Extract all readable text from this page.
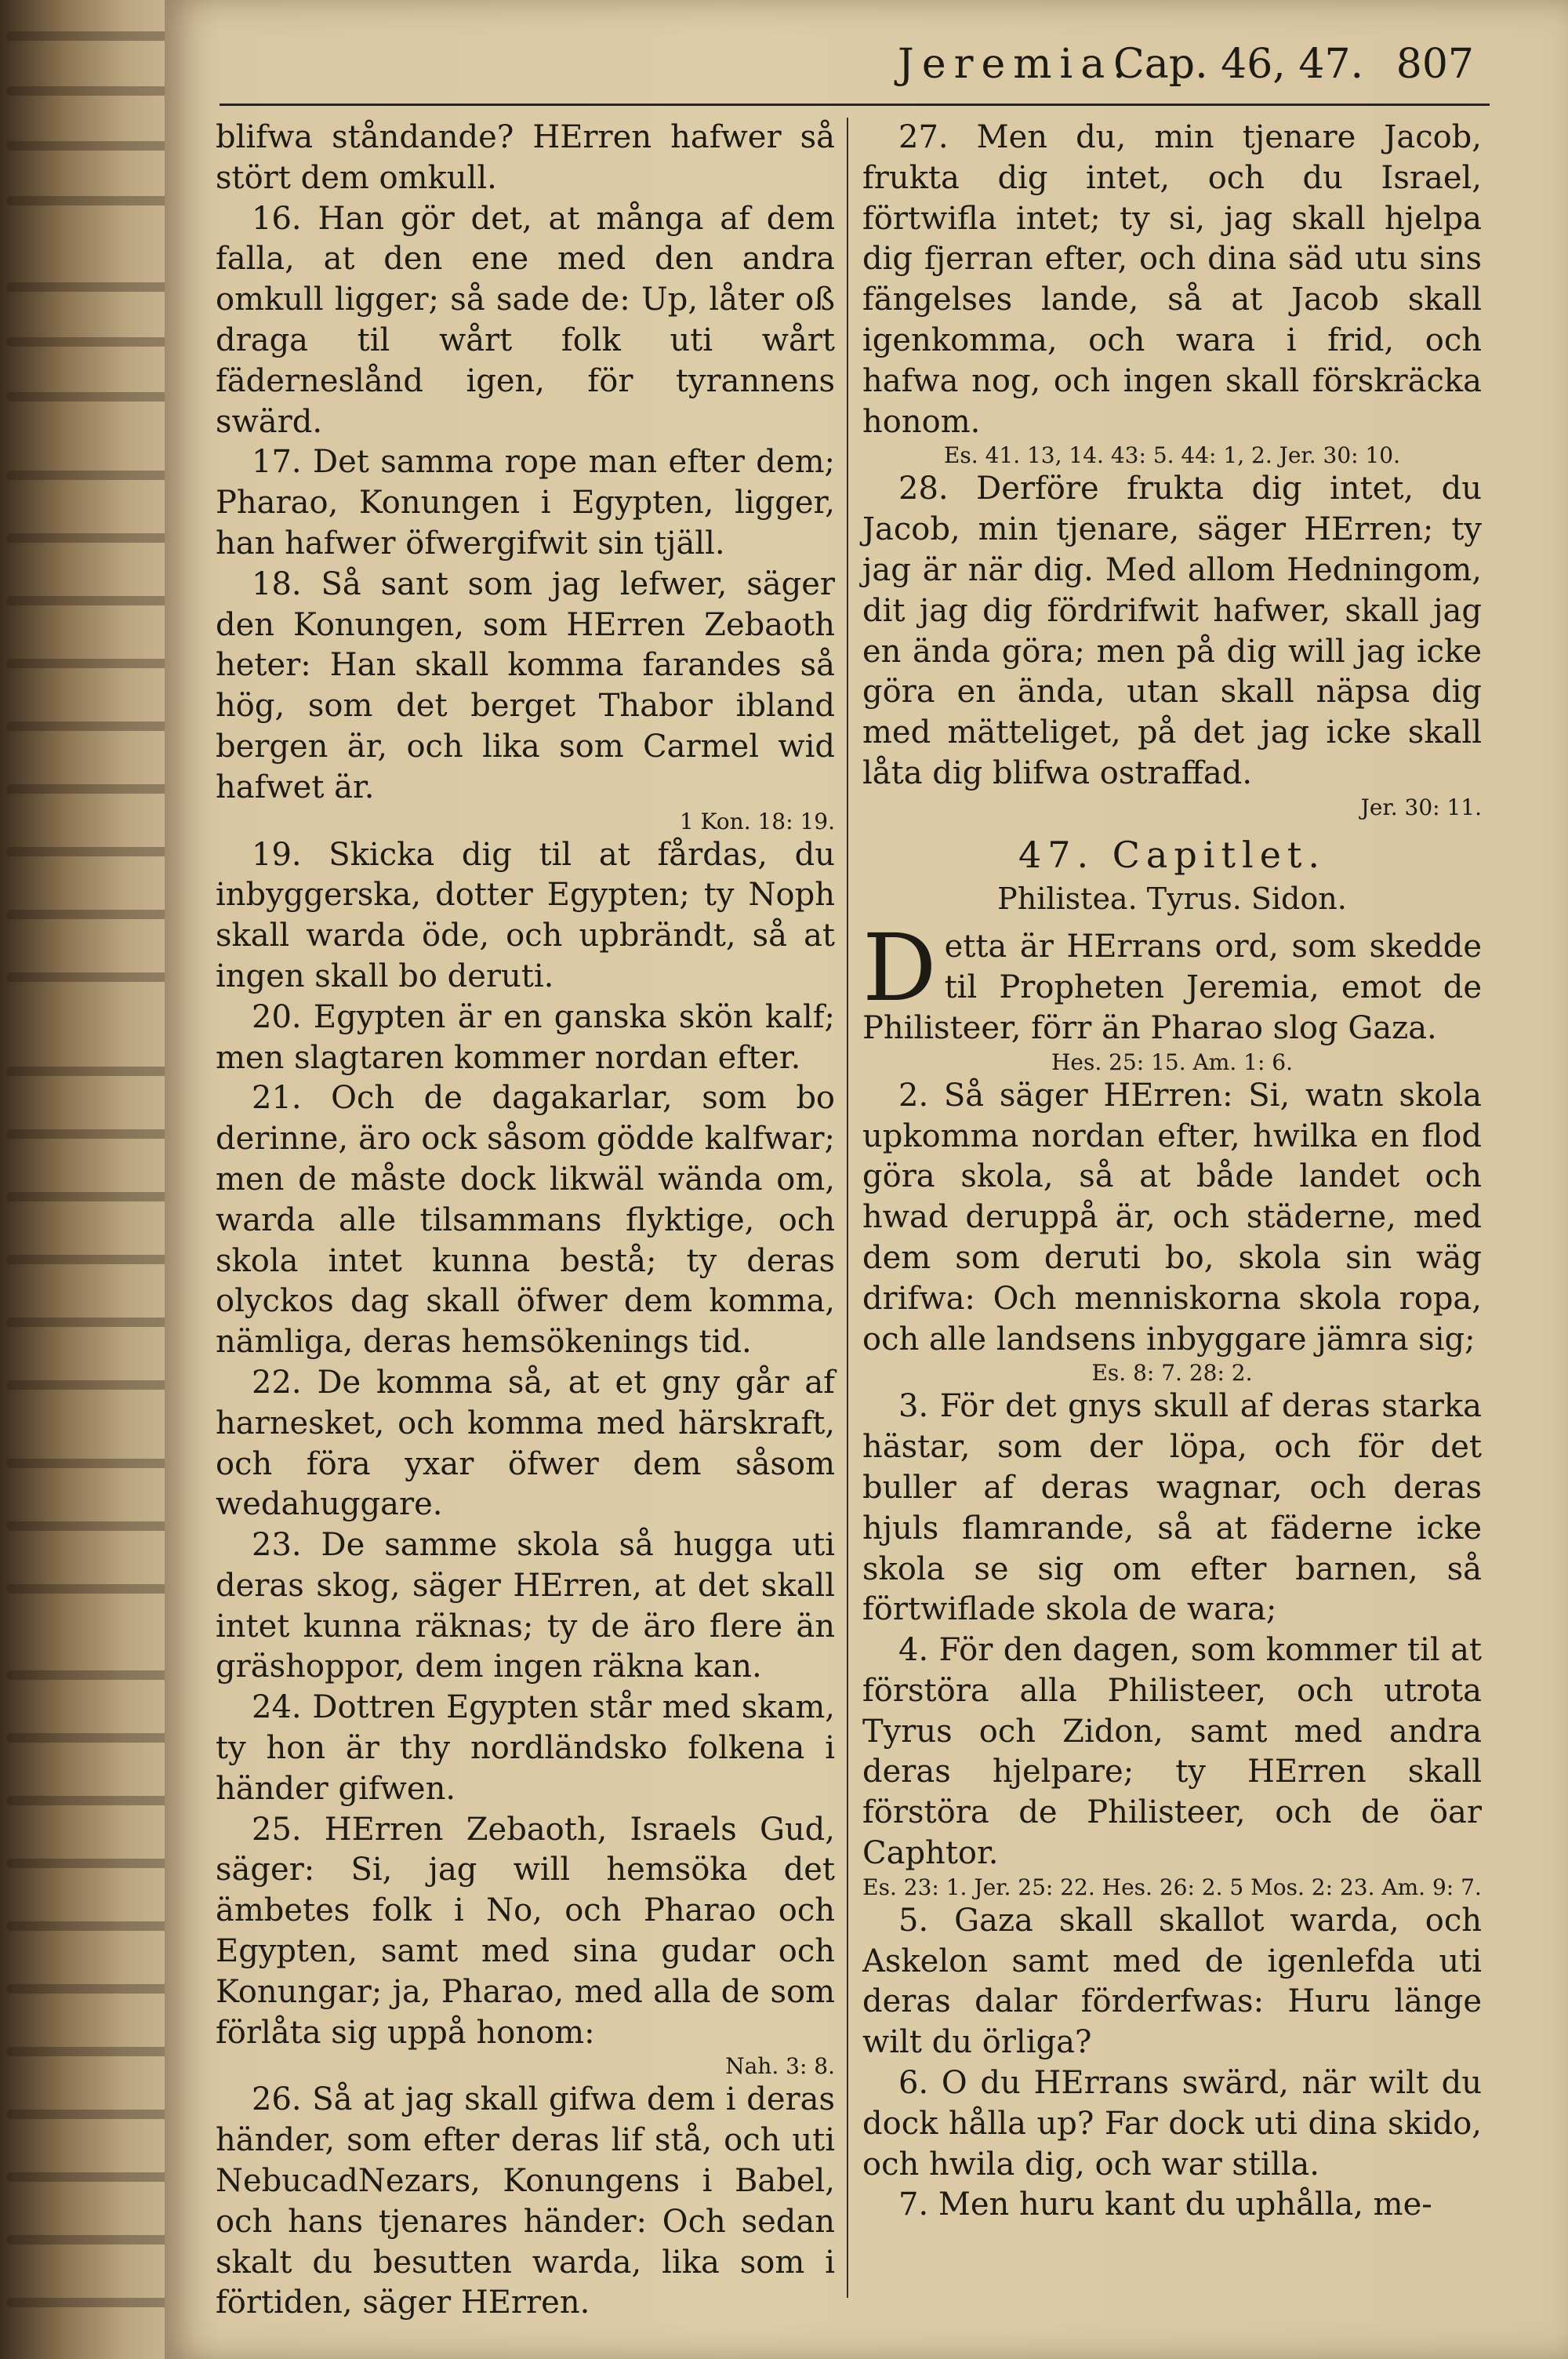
Jeremia.
Cap. 46, 47. 807

blifwa ståndande? HErren hafwer så stört dem omkull.

16. Han gör det, at många af dem falla, at den ene med den andra omkull ligger; så sade de: Up, låter oß draga til wårt folk uti wårt fäderneslånd igen, för tyrannens swärd.

17. Det samma rope man efter dem; Pharao, Konungen i Egypten, ligger, han hafwer öfwergifwit sin tjäll.

18. Så sant som jag lefwer, säger den Konungen, som HErren Zebaoth heter: Han skall komma farandes så hög, som det berget Thabor ibland bergen är, och lika som Carmel wid hafwet är.

1 Kon. 18: 19.

19. Skicka dig til at fårdas, du inbyggerska, dotter Egypten; ty Noph skall warda öde, och upbrändt, så at ingen skall bo deruti.

20. Egypten är en ganska skön kalf; men slagtaren kommer nordan efter.

21. Och de dagakarlar, som bo derinne, äro ock såsom gödde kalfwar; men de måste dock likwäl wända om, warda alle tilsammans flyktige, och skola intet kunna bestå; ty deras olyckos dag skall öfwer dem komma, nämliga, deras hemsökenings tid.

22. De komma så, at et gny går af harnesket, och komma med härskraft, och föra yxar öfwer dem såsom wedahuggare.

23. De samme skola så hugga uti deras skog, säger HErren, at det skall intet kunna räknas; ty de äro flere än gräshoppor, dem ingen räkna kan.

24. Dottren Egypten står med skam, ty hon är thy nordländsko folkena i händer gifwen.

25. HErren Zebaoth, Israels Gud, säger: Si, jag will hemsöka det ämbetes folk i No, och Pharao och Egypten, samt med sina gudar och Konungar; ja, Pharao, med alla de som förlåta sig uppå honom:

Nah. 3: 8.

26. Så at jag skall gifwa dem i deras händer, som efter deras lif stå, och uti NebucadNezars, Konungens i Babel, och hans tjenares händer: Och sedan skalt du besutten warda, lika som i förtiden, säger HErren.

27. Men du, min tjenare Jacob, frukta dig intet, och du Israel, förtwifla intet; ty si, jag skall hjelpa dig fjerran efter, och dina säd utu sins fängelses lande, så at Jacob skall igenkomma, och wara i frid, och hafwa nog, och ingen skall förskräcka honom.

Es. 41. 13, 14. 43: 5. 44: 1, 2. Jer. 30: 10.

28. Derföre frukta dig intet, du Jacob, min tjenare, säger HErren; ty jag är när dig. Med allom Hedningom, dit jag dig fördrifwit hafwer, skall jag en ända göra; men på dig will jag icke göra en ända, utan skall näpsa dig med mätteliget, på det jag icke skall låta dig blifwa ostraffad.

Jer. 30: 11.
47. Capitlet.
Philistea. Tyrus. Sidon.

Detta är HErrans ord, som skedde til Propheten Jeremia, emot de Philisteer, förr än Pharao slog Gaza.

Hes. 25: 15. Am. 1: 6.

2. Så säger HErren: Si, watn skola upkomma nordan efter, hwilka en flod göra skola, så at både landet och hwad deruppå är, och städerne, med dem som deruti bo, skola sin wäg drifwa: Och menniskorna skola ropa, och alle landsens inbyggare jämra sig;

Es. 8: 7. 28: 2.

3. För det gnys skull af deras starka hästar, som der löpa, och för det buller af deras wagnar, och deras hjuls flamrande, så at fäderne icke skola se sig om efter barnen, så förtwiflade skola de wara;

4. För den dagen, som kommer til at förstöra alla Philisteer, och utrota Tyrus och Zidon, samt med andra deras hjelpare; ty HErren skall förstöra de Philisteer, och de öar Caphtor.

Es. 23: 1. Jer. 25: 22. Hes. 26: 2. 5 Mos. 2: 23. Am. 9: 7.

5. Gaza skall skallot warda, och Askelon samt med de igenlefda uti deras dalar förderfwas: Huru länge wilt du örliga?

6. O du HErrans swärd, när wilt du dock hålla up? Far dock uti dina skido, och hwila dig, och war stilla.

7. Men huru kant du uphålla, me-
